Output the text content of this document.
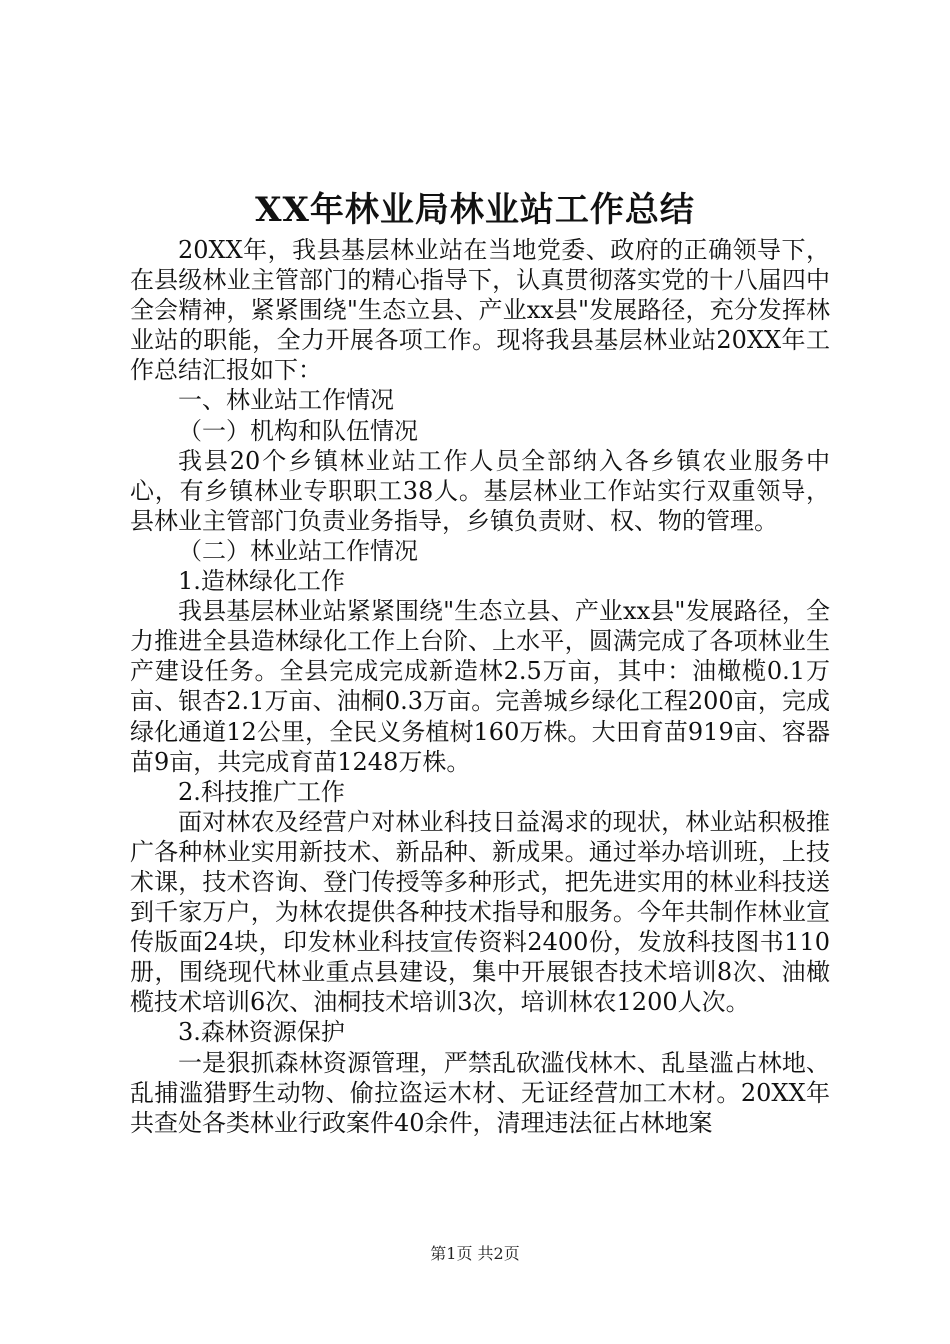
XX年林业局林业站工作总结

20XX年，我县基层林业站在当地党委、政府的正确领导下，在县级林业主管部门的精心指导下，认真贯彻落实党的十八届四中全会精神，紧紧围绕"生态立县、产业xx县"发展路径，充分发挥林业站的职能，全力开展各项工作。现将我县基层林业站20XX年工作总结汇报如下：

一、林业站工作情况

（一）机构和队伍情况

我县20个乡镇林业站工作人员全部纳入各乡镇农业服务中心，有乡镇林业专职职工38人。基层林业工作站实行双重领导，县林业主管部门负责业务指导，乡镇负责财、权、物的管理。

（二）林业站工作情况

1.造林绿化工作

我县基层林业站紧紧围绕"生态立县、产业xx县"发展路径，全力推进全县造林绿化工作上台阶、上水平，圆满完成了各项林业生产建设任务。全县完成完成新造林2.5万亩，其中：油橄榄0.1万亩、银杏2.1万亩、油桐0.3万亩。完善城乡绿化工程200亩，完成绿化通道12公里，全民义务植树160万株。大田育苗919亩、容器苗9亩，共完成育苗1248万株。

2.科技推广工作

面对林农及经营户对林业科技日益渴求的现状，林业站积极推广各种林业实用新技术、新品种、新成果。通过举办培训班，上技术课，技术咨询、登门传授等多种形式，把先进实用的林业科技送到千家万户，为林农提供各种技术指导和服务。今年共制作林业宣传版面24块，印发林业科技宣传资料2400份，发放科技图书110册，围绕现代林业重点县建设，集中开展银杏技术培训8次、油橄榄技术培训6次、油桐技术培训3次，培训林农1200人次。

3.森林资源保护

一是狠抓森林资源管理，严禁乱砍滥伐林木、乱垦滥占林地、乱捕滥猎野生动物、偷拉盗运木材、无证经营加工木材。20XX年共查处各类林业行政案件40余件，清理违法征占林地案

第1页 共2页
